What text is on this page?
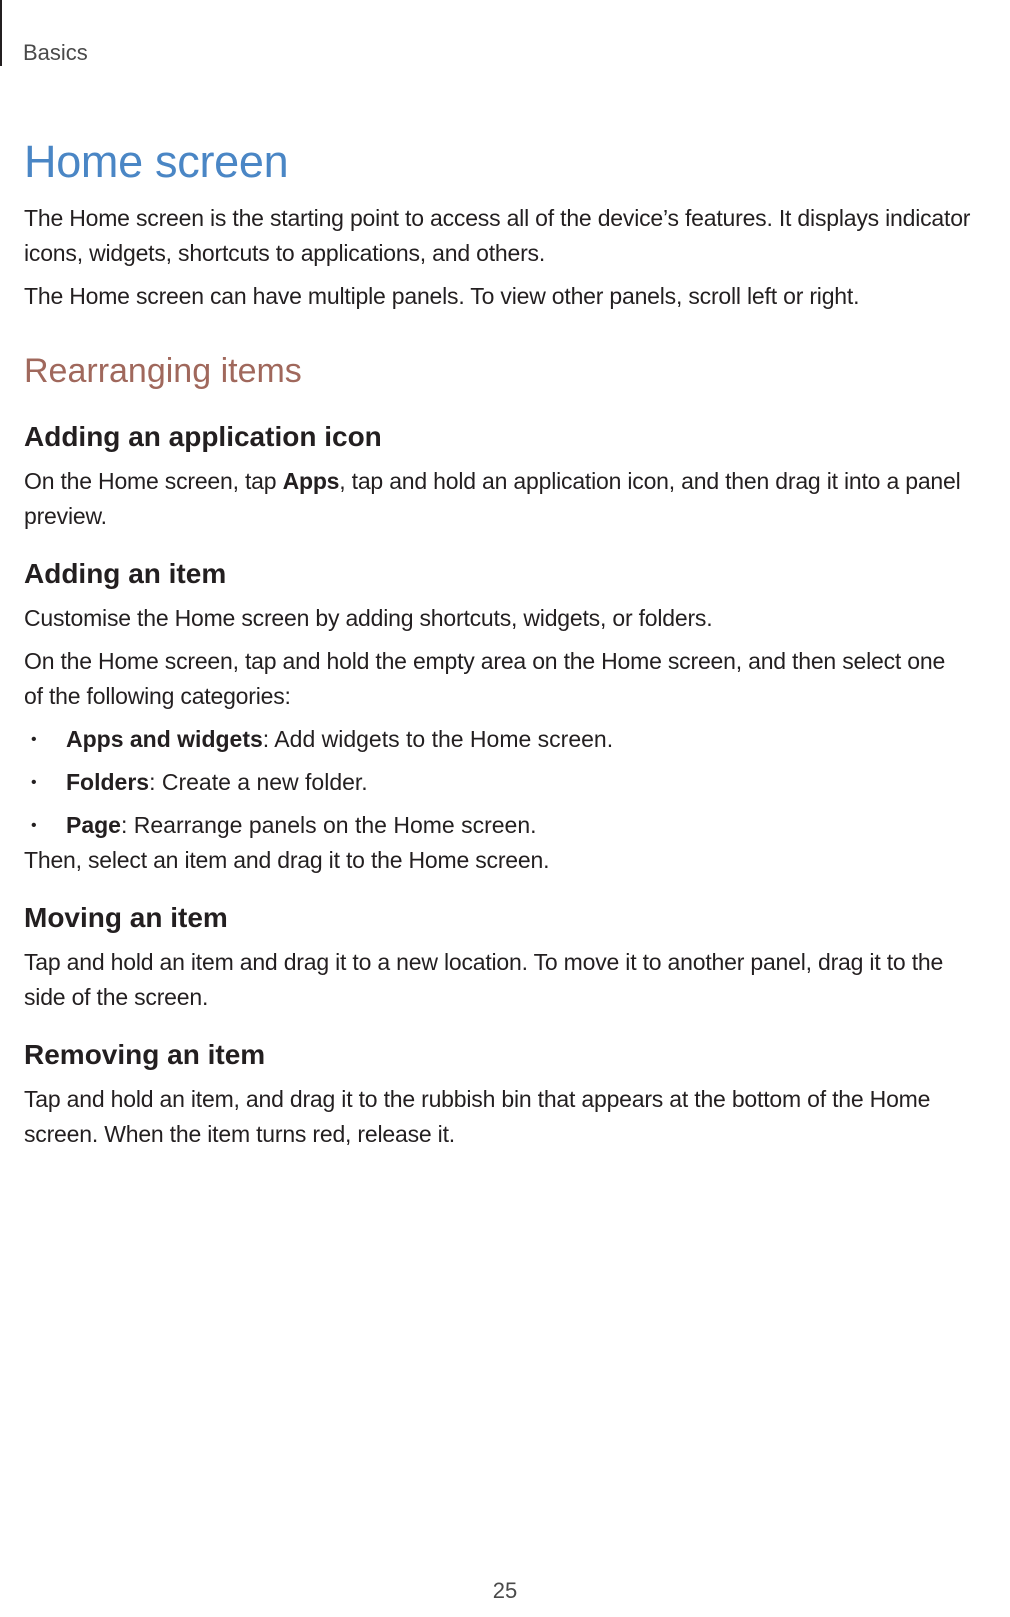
Basics
Home screen

The Home screen is the starting point to access all of the device’s features. It displays indicator
icons, widgets, shortcuts to applications, and others.

The Home screen can have multiple panels. To view other panels, scroll left or right.

Rearranging items
Adding an application icon

On the Home screen, tap Apps, tap and hold an application icon, and then drag it into a panel
preview.

Adding an item

Customise the Home screen by adding shortcuts, widgets, or folders.

On the Home screen, tap and hold the empty area on the Home screen, and then select one
of the following categories:

• Apps and widgets: Add widgets to the Home screen.
• Folders: Create a new folder.
• Page: Rearrange panels on the Home screen.

Then, select an item and drag it to the Home screen.

Moving an item

Tap and hold an item and drag it to a new location. To move it to another panel, drag it to the
side of the screen.

Removing an item

Tap and hold an item, and drag it to the rubbish bin that appears at the bottom of the Home
screen. When the item turns red, release it.

25
